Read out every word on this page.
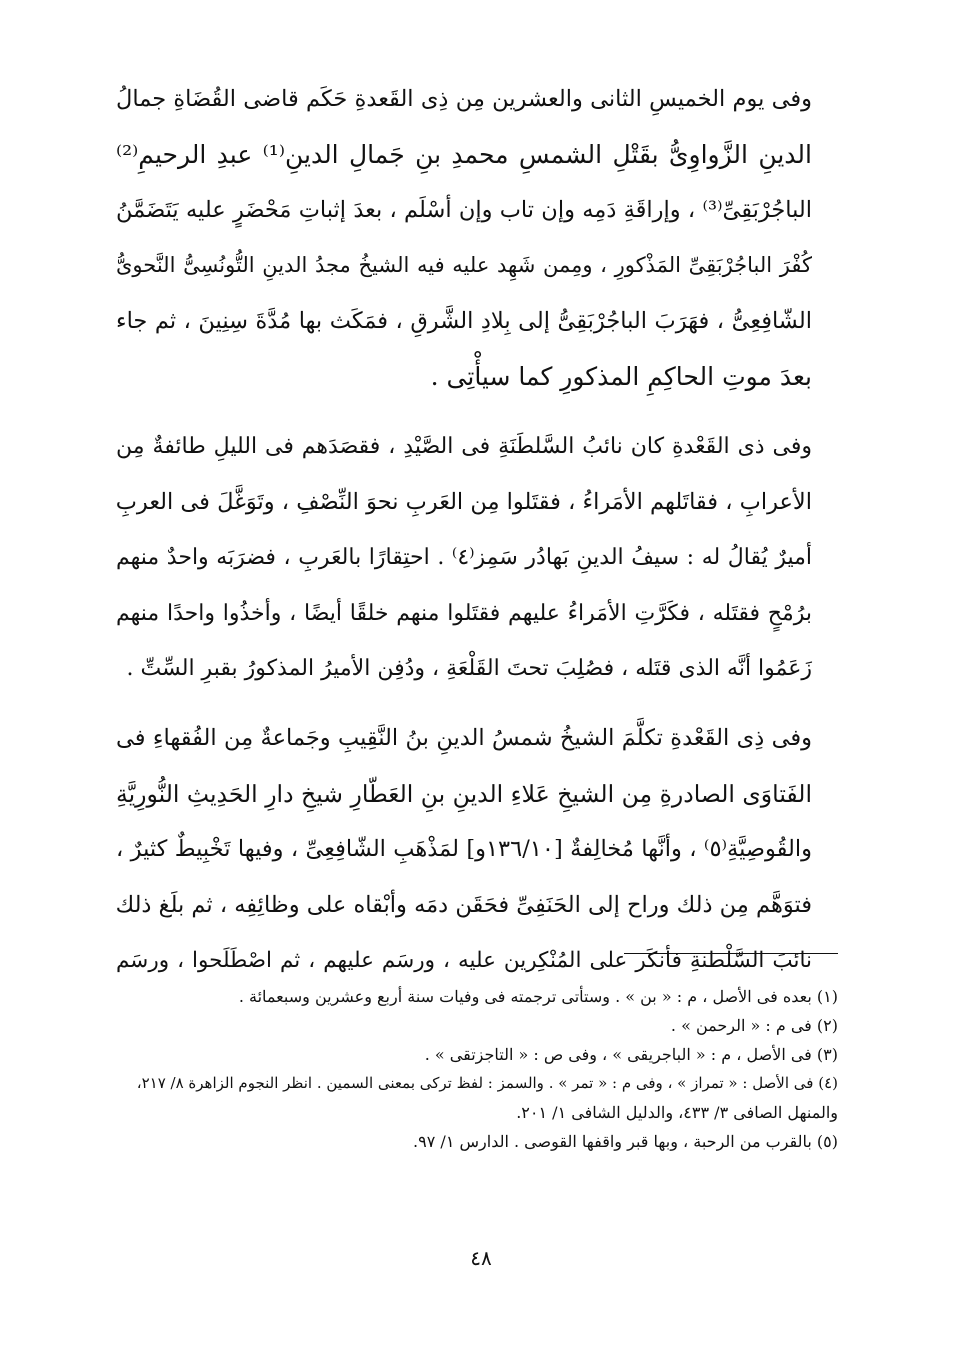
وفى يوم الخميسِ الثانى والعشرين مِن ذِى القَعدةِ حَكَم قاضى القُضَاةِ جمالُ
الدينِ الزَّواوِىُّ بقَتْلِ الشمسِ محمدِ بنِ جَمالِ الدينِ⁽¹⁾ عبدِ الرحيمِ⁽²⁾
الباجُرْبَقِىِّ⁽³⁾ ، وإراقَةِ دَمِه وإن تاب وإن أسْلَم ، بعدَ إثباتِ مَحْضَرٍ عليه يَتَضَمَّنُ
كُفْرَ الباجُرْبَقِىِّ المَذْكورِ ، ومِمن شَهِد عليه فيه الشيخُ مجدُ الدينِ التُّونُسِىُّ النَّحوىُّ
الشّافِعِىُّ ، فهَرَبَ الباجُرْبَقِىُّ إلى بِلادِ الشَّرقِ ، فمَكَث بها مُدَّةَ سِنِينَ ، ثم جاء
بعدَ موتِ الحاكِمِ المذكورِ كما سيأْتِى .

وفى ذى القَعْدةِ كان نائبُ السَّلطَنَةِ فى الصَّيْدِ ، فقصَدَهم فى الليلِ طائفةٌ مِن
الأعرابِ ، فقاتَلهم الأمَراءُ ، فقتَلوا مِن العَربِ نحوَ النِّصْفِ ، وتَوَغَّلَ فى العربِ
أميرٌ يُقالُ له : سيفُ الدينِ بَهادُر سَمِز⁽٤⁾ . احتِقارًا بالعَربِ ، فضرَبَه واحدٌ منهم
برُمْحٍ فقتَله ، فكَرَّتِ الأمَراءُ عليهم فقتَلوا منهم خلقًا أيضًا ، وأخذُوا واحدًا منهم
زَعَمُوا أنَّه الذى قتَله ، فصُلِبَ تحتَ القَلْعَةِ ، ودُفِن الأميرُ المذكورُ بقبرِ السِّتِّ .

وفى ذِى القَعْدةِ تكلَّمَ الشيخُ شمسُ الدينِ بنُ النَّقِيبِ وجَماعةٌ مِن الفُقهاءِ فى
الفَتاوَى الصادرةِ مِن الشيخِ عَلاءِ الدينِ بنِ العَطّارِ شيخِ دارِ الحَدِيثِ النُّورِيَّةِ
والقُوصِيَّةِ⁽٥⁾ ، وأنَّها مُخالِفةٌ [١٣٦/١٠و] لمَذْهَبِ الشّافِعِىِّ ، وفيها تَخْبِيطٌ كثيرٌ ،
فتوَهَّم مِن ذلك وراح إلى الحَنَفِىِّ فحَقَن دمَه وأبْقاه على وظائِفِه ، ثم بلَغ ذلك
نائبَ السَّلْطنةِ فأنكَر على المُنْكِرين عليه ، ورسَم عليهم ، ثم اصْطَلَحوا ، ورسَم

(١) بعده فى الأصل ، م : « بن » . وستأتى ترجمته فى وفيات سنة أربع وعشرين وسبعمائة .
(٢) فى م : « الرحمن » .
(٣) فى الأصل ، م : « الباجريقى » ، وفى ص : « التاجزتقى » .
(٤) فى الأصل : « تمراز » ، وفى م : « تمر » . والسمز : لفظ تركى بمعنى السمين . انظر النجوم الزاهرة ٨/ ٢١٧،
والمنهل الصافى ٣/ ٤٣٣، والدليل الشافى ١/ ٢٠١.
(٥) بالقرب من الرحبة ، وبها قبر واقفها القوصى . الدارس ١/ ٩٧.
٤٨
